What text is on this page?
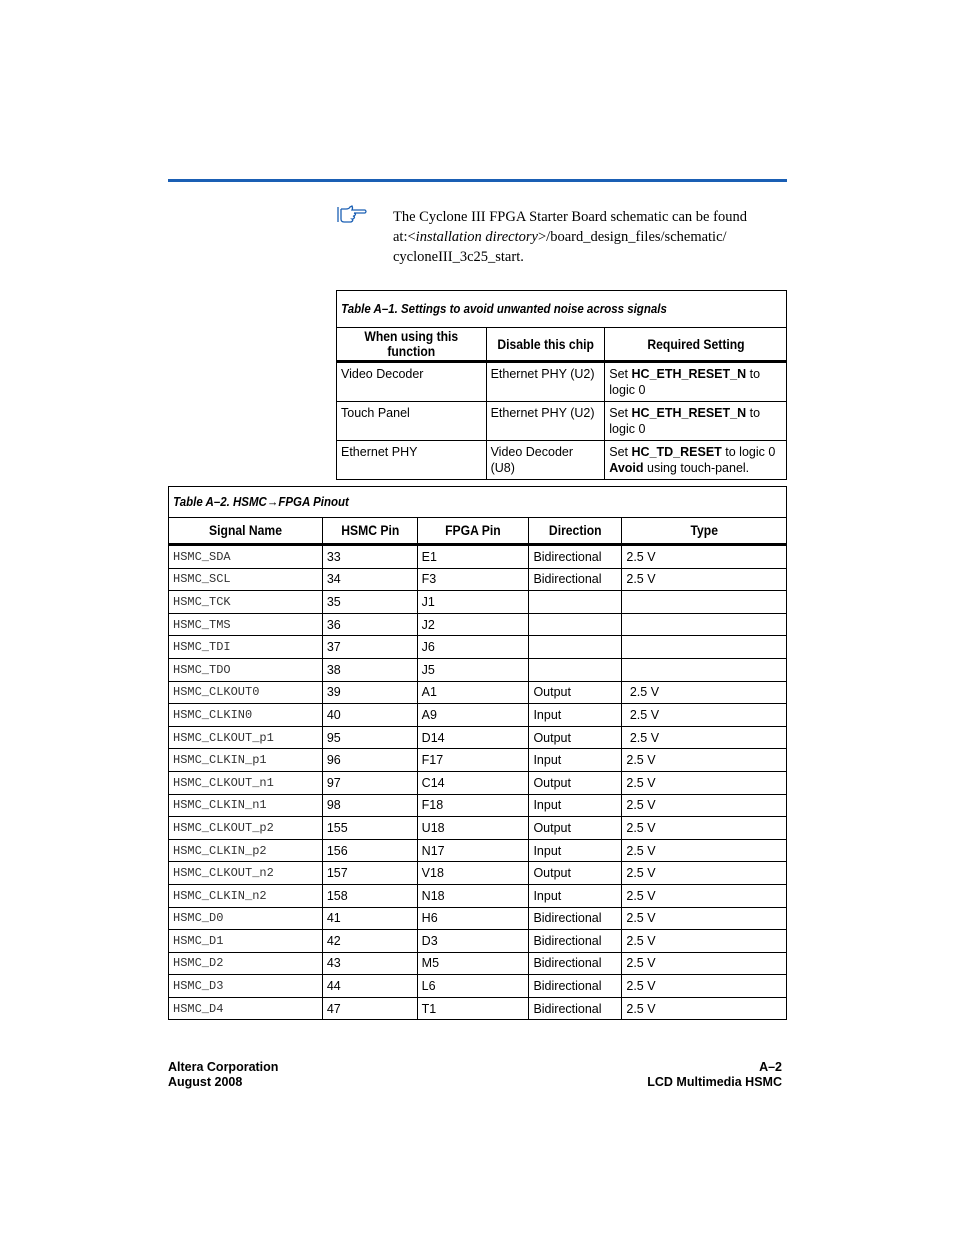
The Cyclone III FPGA Starter Board schematic can be found
at:<installation directory>/board_design_files/schematic/
cycloneIII_3c25_start.
Table A–1. Settings to avoid unwanted noise across signals		
When using this function	Disable this chip	Required Setting
Video Decoder	Ethernet PHY (U2)	Set HC_ETH_RESET_N to logic 0
Touch Panel	Ethernet PHY (U2)	Set HC_ETH_RESET_N to logic 0
Ethernet PHY	Video Decoder (U8)	Set HC_TD_RESET to logic 0
Avoid using touch-panel.
Table A–2. HSMC→FPGA Pinout				
Signal Name	HSMC Pin	FPGA Pin	Direction	Type
HSMC_SDA	33	E1	Bidirectional	2.5 V
HSMC_SCL	34	F3	Bidirectional	2.5 V
HSMC_TCK	35	J1		
HSMC_TMS	36	J2		
HSMC_TDI	37	J6		
HSMC_TDO	38	J5		
HSMC_CLKOUT0	39	A1	Output	2.5 V
HSMC_CLKIN0	40	A9	Input	2.5 V
HSMC_CLKOUT_p1	95	D14	Output	2.5 V
HSMC_CLKIN_p1	96	F17	Input	2.5 V
HSMC_CLKOUT_n1	97	C14	Output	2.5 V
HSMC_CLKIN_n1	98	F18	Input	2.5 V
HSMC_CLKOUT_p2	155	U18	Output	2.5 V
HSMC_CLKIN_p2	156	N17	Input	2.5 V
HSMC_CLKOUT_n2	157	V18	Output	2.5 V
HSMC_CLKIN_n2	158	N18	Input	2.5 V
HSMC_D0	41	H6	Bidirectional	2.5 V
HSMC_D1	42	D3	Bidirectional	2.5 V
HSMC_D2	43	M5	Bidirectional	2.5 V
HSMC_D3	44	L6	Bidirectional	2.5 V
HSMC_D4	47	T1	Bidirectional	2.5 V
Altera Corporation
August 2008
A–2
LCD Multimedia HSMC
